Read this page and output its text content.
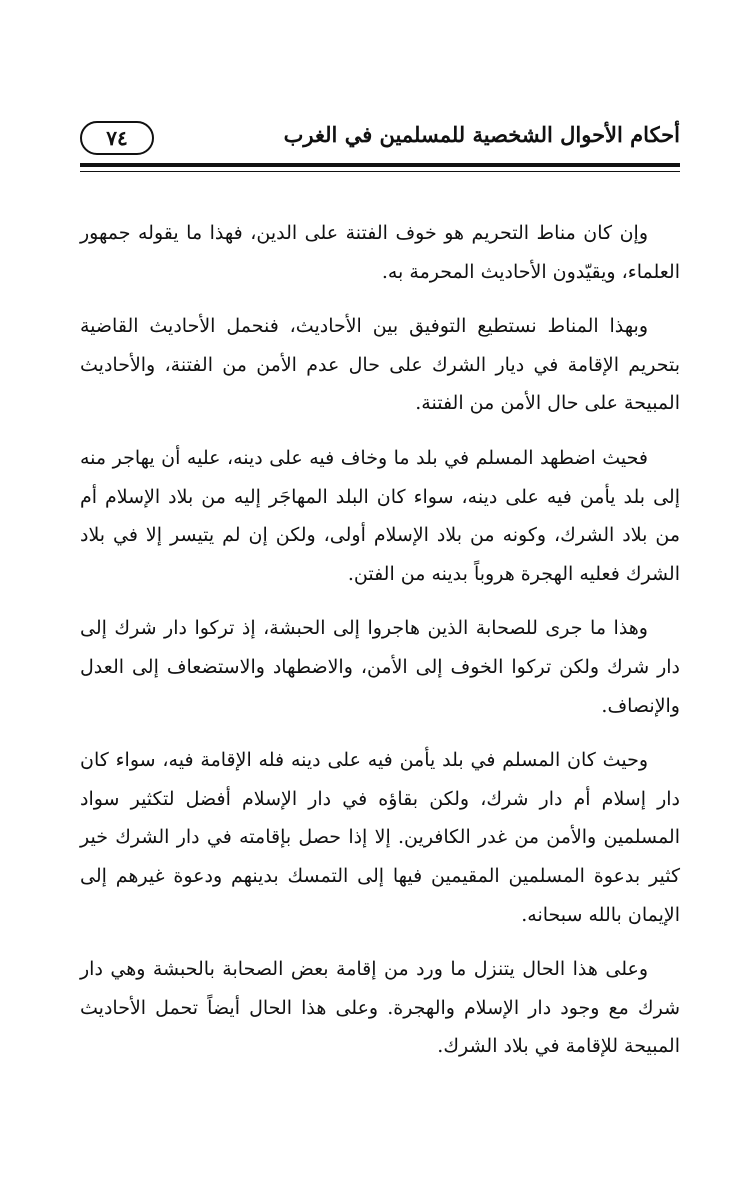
أحكام الأحوال الشخصية للمسلمين في الغرب
٧٤

وإن كان مناط التحريم هو خوف الفتنة على الدين، فهذا ما يقوله جمهور العلماء، ويقيّدون الأحاديث المحرمة به.

وبهذا المناط نستطيع التوفيق بين الأحاديث، فنحمل الأحاديث القاضية بتحريم الإقامة في ديار الشرك على حال عدم الأمن من الفتنة، والأحاديث المبيحة على حال الأمن من الفتنة.

فحيث اضطهد المسلم في بلد ما وخاف فيه على دينه، عليه أن يهاجر منه إلى بلد يأمن فيه على دينه، سواء كان البلد المهاجَر إليه من بلاد الإسلام أم من بلاد الشرك، وكونه من بلاد الإسلام أولى، ولكن إن لم يتيسر إلا في بلاد الشرك فعليه الهجرة هروباً بدينه من الفتن.

وهذا ما جرى للصحابة الذين هاجروا إلى الحبشة، إذ تركوا دار شرك إلى دار شرك ولكن تركوا الخوف إلى الأمن، والاضطهاد والاستضعاف إلى العدل والإنصاف.

وحيث كان المسلم في بلد يأمن فيه على دينه فله الإقامة فيه، سواء كان دار إسلام أم دار شرك، ولكن بقاؤه في دار الإسلام أفضل لتكثير سواد المسلمين والأمن من غدر الكافرين. إلا إذا حصل بإقامته في دار الشرك خير كثير بدعوة المسلمين المقيمين فيها إلى التمسك بدينهم ودعوة غيرهم إلى الإيمان بالله سبحانه.

وعلى هذا الحال يتنزل ما ورد من إقامة بعض الصحابة بالحبشة وهي دار شرك مع وجود دار الإسلام والهجرة. وعلى هذا الحال أيضاً تحمل الأحاديث المبيحة للإقامة في بلاد الشرك.
